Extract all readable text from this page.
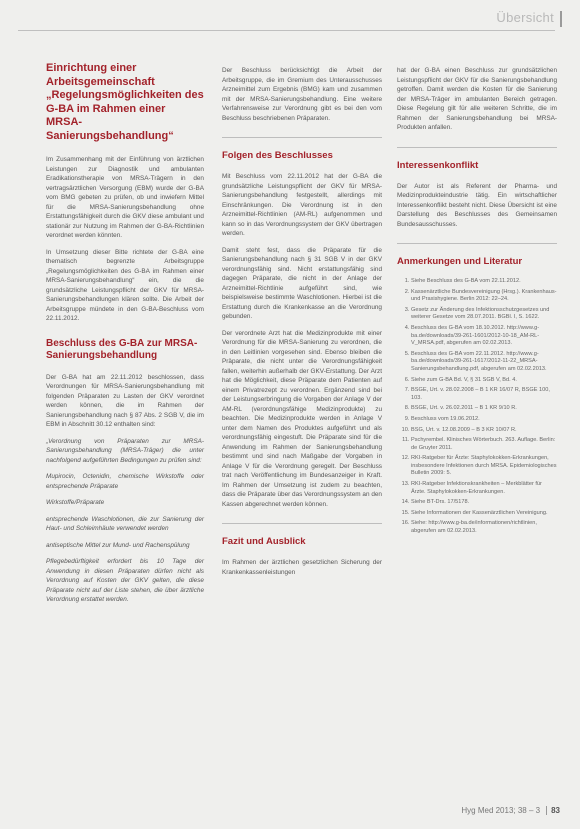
Übersicht
Einrichtung einer Arbeitsgemeinschaft „Regelungsmöglichkeiten des G-BA im Rahmen einer MRSA-Sanierungsbehandlung“

Im Zusammenhang mit der Einführung von ärztlichen Leistungen zur Diagnostik und ambulanten Eradikationstherapie von MRSA-Trägern in den vertragsärztlichen Versorgung (EBM) wurde der G-BA vom BMG gebeten zu prüfen, ob und inwiefern Mittel für die MRSA-Sanierungsbehandlung ohne Erstattungsfähigkeit durch die GKV diese ambulant und stationär zur Nutzung im Rahmen der G-BA-Richtlinien verordnet werden könnten.

In Umsetzung dieser Bitte richtete der G-BA eine thematisch begrenzte Arbeitsgruppe „Regelungsmöglichkeiten des G-BA im Rahmen einer MRSA-Sanierungsbehandlung“ ein, die die grundsätzliche Leistungspflicht der GKV für MRSA-Sanierungsbehandlungen klären sollte. Die Arbeit der Arbeitsgruppe mündete in den G-BA-Beschluss vom 22.11.2012.

Beschluss des G-BA zur MRSA-Sanierungsbehandlung

Der G-BA hat am 22.11.2012 beschlossen, dass Verordnungen für MRSA-Sanierungsbehandlung mit folgenden Präparaten zu Lasten der GKV verordnet werden können, die im Rahmen der Sanierungsbehandlung nach § 87 Abs. 2 SGB V, die im EBM in Abschnitt 30.12 enthalten sind:

„Verordnung von Präparaten zur MRSA-Sanierungsbehandlung (MRSA-Träger) die unter nachfolgend aufgeführten Bedingungen zu prüfen sind:

Mupirocin, Octenidin, chemische Wirkstoffe oder entsprechende Präparate

Wirkstoffe/Präparate

entsprechende Waschlotionen, die zur Sanierung der Haut- und Schleimhäute verwendet werden

antiseptische Mittel zur Mund- und Rachenspülung

Pflegebedürftigkeit erfordert bis 10 Tage der Anwendung in diesen Präparaten dürfen nicht als Verordnung auf Kosten der GKV gelten, die diese Präparate nicht auf der Liste stehen, die über ärztliche Verordnung erstattet werden.

Der Beschluss berücksichtigt die Arbeit der Arbeitsgruppe, die im Gremium des Unterausschusses Arzneimittel zum Ergebnis (BMG) kam und zusammen mit der MRSA-Sanierungsbehandlung. Eine weitere Verfahrensweise zur Verordnung gibt es bei den vom Beschluss beschriebenen Präparaten.

Folgen des Beschlusses

Mit Beschluss vom 22.11.2012 hat der G-BA die grundsätzliche Leistungspflicht der GKV für MRSA-Sanierungsbehandlung festgestellt, allerdings mit Einschränkungen. Die Verordnung ist in den Arzneimittel-Richtlinien (AM-RL) aufgenommen und kann so in das Verordnungssystem der GKV übertragen werden.

Damit steht fest, dass die Präparate für die Sanierungsbehandlung nach § 31 SGB V in der GKV verordnungsfähig sind. Nicht erstattungsfähig sind dagegen Präparate, die nicht in der Anlage der Arzneimittel-Richtlinie aufgeführt sind, wie beispielsweise bestimmte Waschlotionen. Hierbei ist die Erstattung durch die Krankenkasse an die Verordnung gebunden.

Der verordnete Arzt hat die Medizinprodukte mit einer Verordnung für die MRSA-Sanierung zu verordnen, die in den Leitlinien vorgesehen sind. Ebenso bleiben die Präparate, die nicht unter die Verordnungsfähigkeit fallen, weiterhin außerhalb der GKV-Erstattung. Der Arzt hat die Möglichkeit, diese Präparate dem Patienten auf einem Privatrezept zu verordnen. Ergänzend sind bei der Leistungserbringung die Vorgaben der Anlage V der AM-RL (verordnungsfähige Medizinprodukte) zu beachten. Die Medizinprodukte werden in Anlage V unter dem Namen des Produktes aufgeführt und als verordnungsfähig eingestuft. Die Präparate sind für die Anwendung im Rahmen der Sanierungsbehandlung bestimmt und sind nach Maßgabe der Vorgaben in Anlage V für die Verordnung geregelt. Der Beschluss trat nach Veröffentlichung im Bundesanzeiger in Kraft. Im Rahmen der Umsetzung ist zudem zu beachten, dass die Präparate über das Verordnungssystem an den Kassen abgerechnet werden können.

Fazit und Ausblick

Im Rahmen der ärztlichen gesetzlichen Sicherung der Krankenkassenleistungen

hat der G-BA einen Beschluss zur grundsätzlichen Leistungspflicht der GKV für die Sanierungsbehandlung getroffen. Damit werden die Kosten für die Sanierung der MRSA-Träger im ambulanten Bereich getragen. Diese Regelung gilt für alle weiteren Schritte, die im Rahmen der Sanierungsbehandlung bei MRSA-Produkten anfallen.

Interessenkonflikt

Der Autor ist als Referent der Pharma- und Medizinprodukteindustrie tätig. Ein wirtschaftlicher Interessenkonflikt besteht nicht. Diese Übersicht ist eine Darstellung des Beschlusses des Gemeinsamen Bundesausschusses.

Anmerkungen und Literatur
1. Siehe Beschluss des G-BA vom 22.11.2012.
2. Kassenärztliche Bundesvereinigung (Hrsg.). Krankenhaus- und Praxishygiene. Berlin 2012: 22–24.
3. Gesetz zur Änderung des Infektionsschutzgesetzes und weiterer Gesetze vom 28.07.2011. BGBl. I, S. 1622.
4. Beschluss des G-BA vom 18.10.2012. http://www.g-ba.de/downloads/39-261-1601/2012-10-18_AM-RL-V_MRSA.pdf, abgerufen am 02.02.2013.
5. Beschluss des G-BA vom 22.11.2012. http://www.g-ba.de/downloads/39-261-1617/2012-11-22_MRSA-Sanierungsbehandlung.pdf, abgerufen am 02.02.2013.
6. Siehe zum G-BA Bd. V, § 31 SGB V, Bd. 4.
7. BSGE, Urt. v. 28.02.2008 – B 1 KR 16/07 R, BSGE 100, 103.
8. BSGE, Urt. v. 26.02.2011 – B 1 KR 9/10 R.
9. Beschluss vom 19.06.2012.
10. BSG, Urt. v. 12.08.2009 – B 3 KR 10/07 R.
11. Pschyrembel. Klinisches Wörterbuch. 263. Auflage. Berlin: de Gruyter 2011.
12. RKI-Ratgeber für Ärzte: Staphylokokken-Erkrankungen, insbesondere Infektionen durch MRSA. Epidemiologisches Bulletin 2009: 5.
13. RKI-Ratgeber Infektionskrankheiten – Merkblätter für Ärzte. Staphylokokken-Erkrankungen.
14. Siehe BT-Drs. 17/5178.
15. Siehe Informationen der Kassenärztlichen Vereinigung.
16. Siehe: http://www.g-ba.de/informationen/richtlinien, abgerufen am 02.02.2013.
Hyg Med 2013; 38 – 3 83
